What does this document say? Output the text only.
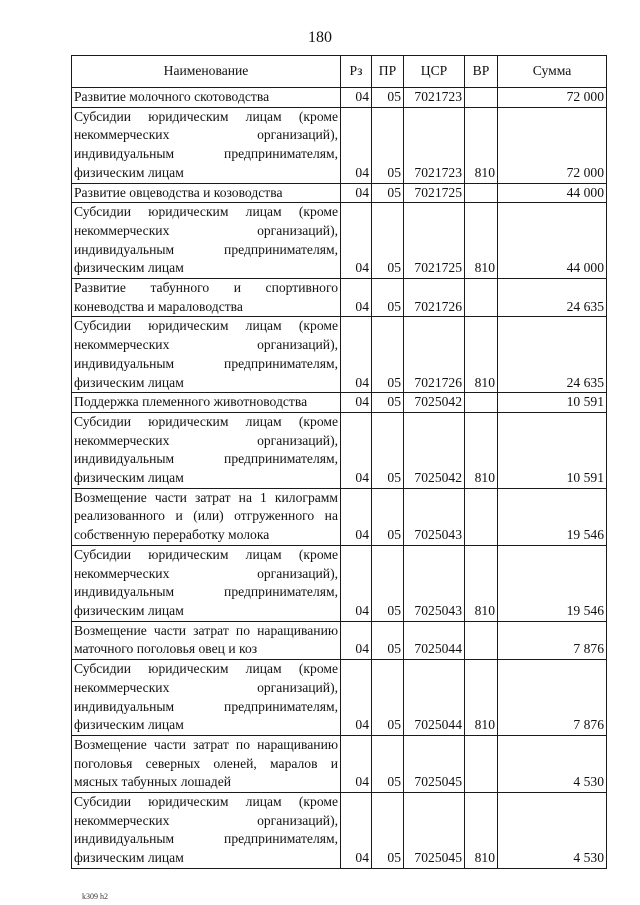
180
Наименование	Рз	ПР	ЦСР	ВР	Сумма
Развитие молочного скотоводства	04	05	7021723		72 000
Субсидии юридическим лицам (кроме некоммерческих организаций), индивидуальным предпринимателям, физическим лицам	04	05	7021723	810	72 000
Развитие овцеводства и козоводства	04	05	7021725		44 000
Субсидии юридическим лицам (кроме некоммерческих организаций), индивидуальным предпринимателям, физическим лицам	04	05	7021725	810	44 000
Развитие табунного и спортивного коневодства и мараловодства	04	05	7021726		24 635
Субсидии юридическим лицам (кроме некоммерческих организаций), индивидуальным предпринимателям, физическим лицам	04	05	7021726	810	24 635
Поддержка племенного животноводства	04	05	7025042		10 591
Субсидии юридическим лицам (кроме некоммерческих организаций), индивидуальным предпринимателям, физическим лицам	04	05	7025042	810	10 591
Возмещение части затрат на 1 килограмм реализованного и (или) отгруженного на собственную переработку молока	04	05	7025043		19 546
Субсидии юридическим лицам (кроме некоммерческих организаций), индивидуальным предпринимателям, физическим лицам	04	05	7025043	810	19 546
Возмещение части затрат по наращиванию маточного поголовья овец и коз	04	05	7025044		7 876
Субсидии юридическим лицам (кроме некоммерческих организаций), индивидуальным предпринимателям, физическим лицам	04	05	7025044	810	7 876
Возмещение части затрат по наращиванию поголовья северных оленей, маралов и мясных табунных лошадей	04	05	7025045		4 530
Субсидии юридическим лицам (кроме некоммерческих организаций), индивидуальным предпринимателям, физическим лицам	04	05	7025045	810	4 530
k309 h2
